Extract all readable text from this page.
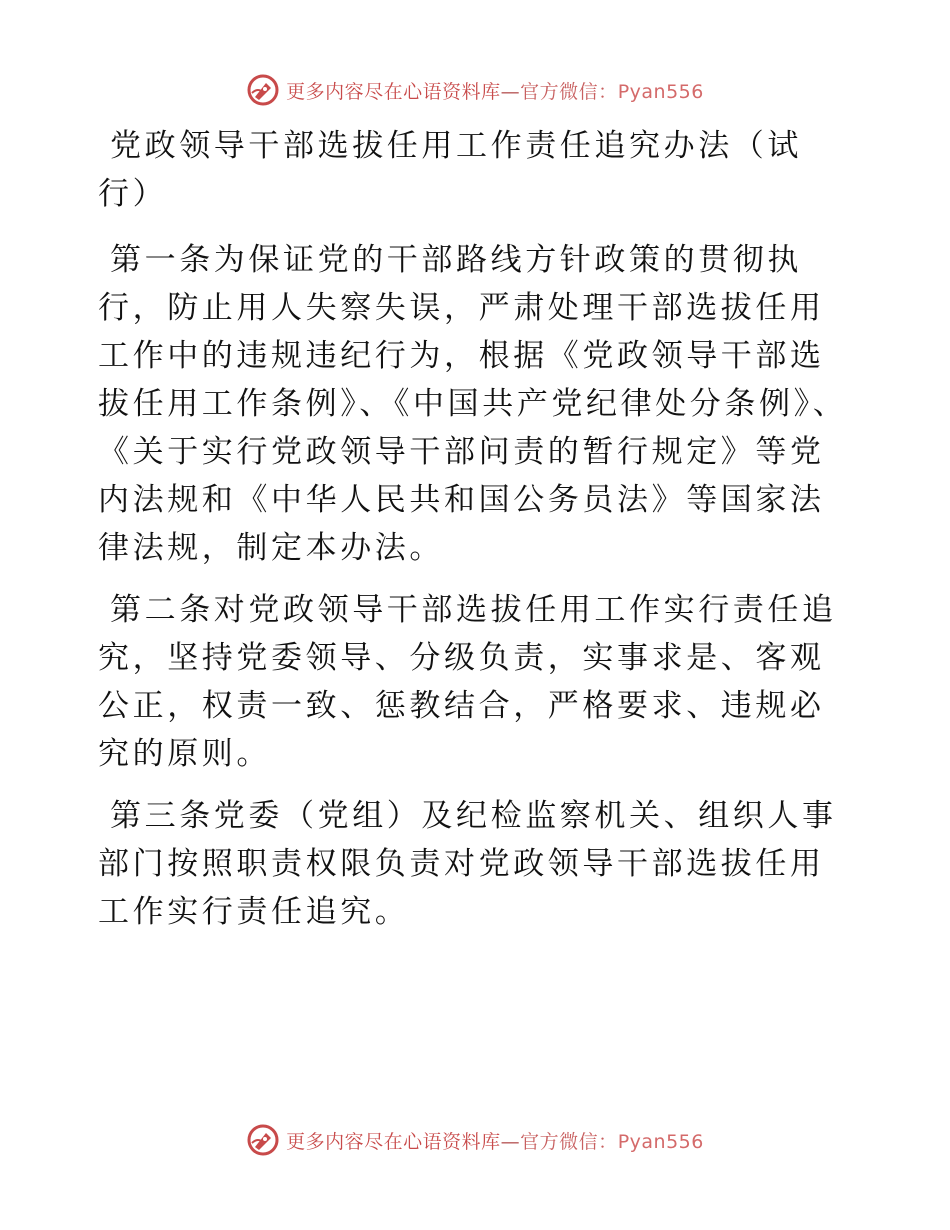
更多内容尽在心语资料库—官方微信：Pyan556

党政领导干部选拔任用工作责任追究办法（试行）

第一条为保证党的干部路线方针政策的贯彻执行，防止用人失察失误，严肃处理干部选拔任用工作中的违规违纪行为，根据《党政领导干部选拔任用工作条例》、《中国共产党纪律处分条例》、《关于实行党政领导干部问责的暂行规定》等党内法规和《中华人民共和国公务员法》等国家法律法规，制定本办法。

第二条对党政领导干部选拔任用工作实行责任追究，坚持党委领导、分级负责，实事求是、客观公正，权责一致、惩教结合，严格要求、违规必究的原则。

第三条党委（党组）及纪检监察机关、组织人事部门按照职责权限负责对党政领导干部选拔任用工作实行责任追究。

更多内容尽在心语资料库—官方微信：Pyan556
